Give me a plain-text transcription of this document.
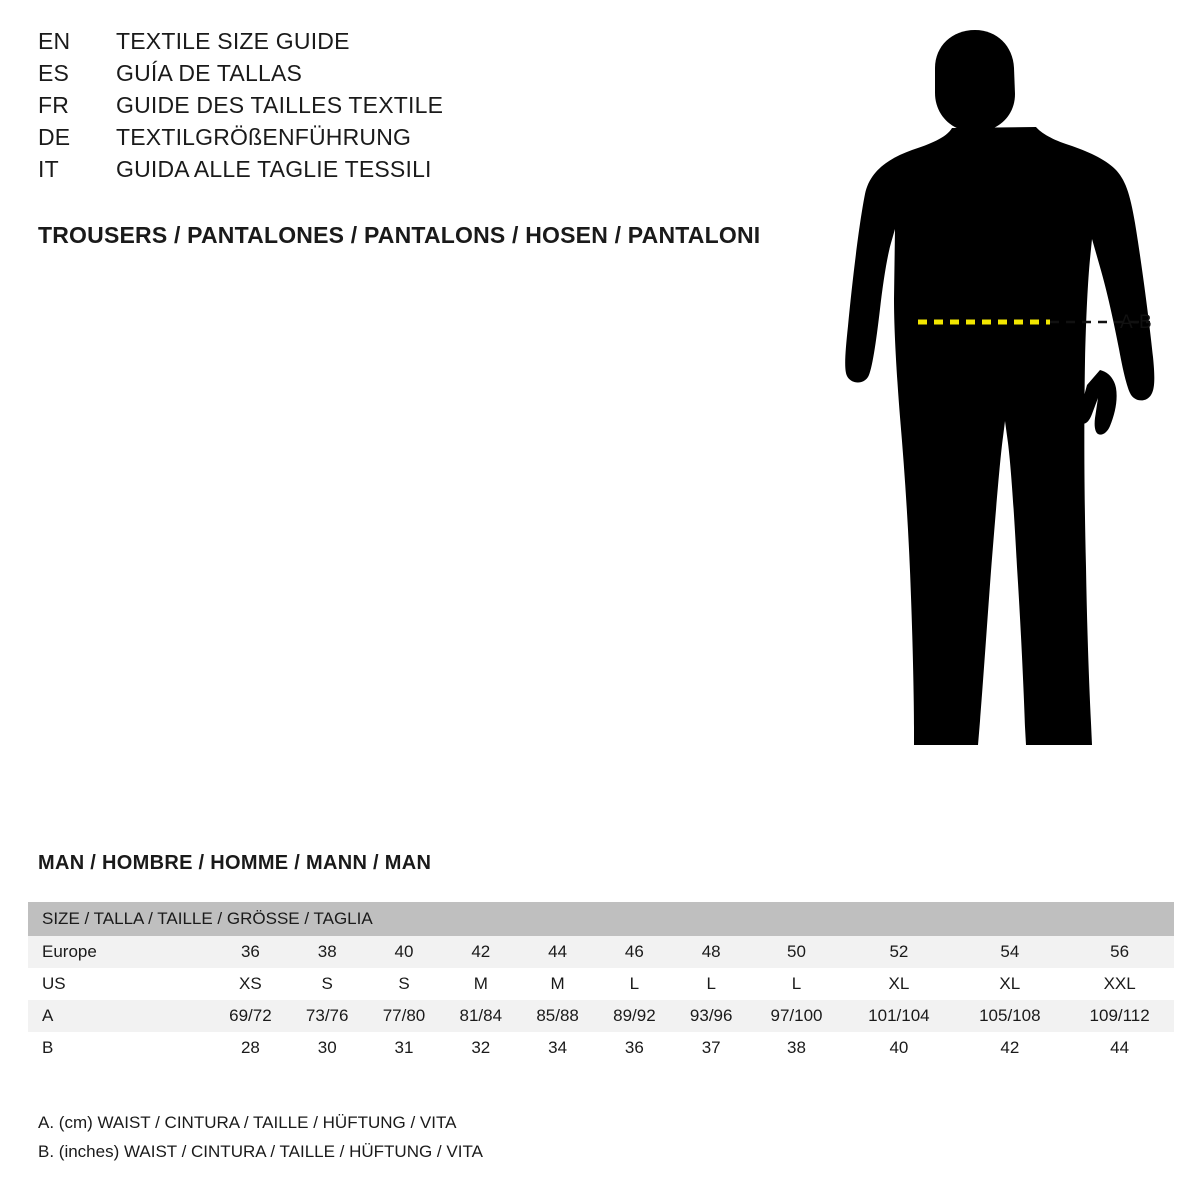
EN	TEXTILE SIZE GUIDE
ES	GUÍA DE TALLAS
FR	GUIDE DES TAILLES TEXTILE
DE	TEXTILGRÖßENFÜHRUNG
IT	GUIDA ALLE TAGLIE TESSILI
TROUSERS / PANTALONES / PANTALONS / HOSEN / PANTALONI
A-B
MAN / HOMBRE / HOMME / MANN / MAN
SIZE / TALLA / TAILLE / GRÖSSE / TAGLIA											
Europe	36	38	40	42	44	46	48	50	52	54	56
US	XS	S	S	M	M	L	L	L	XL	XL	XXL
A	69/72	73/76	77/80	81/84	85/88	89/92	93/96	97/100	101/104	105/108	109/112
B	28	30	31	32	34	36	37	38	40	42	44
A. (cm) WAIST / CINTURA / TAILLE / HÜFTUNG / VITA
B. (inches) WAIST / CINTURA / TAILLE / HÜFTUNG / VITA
